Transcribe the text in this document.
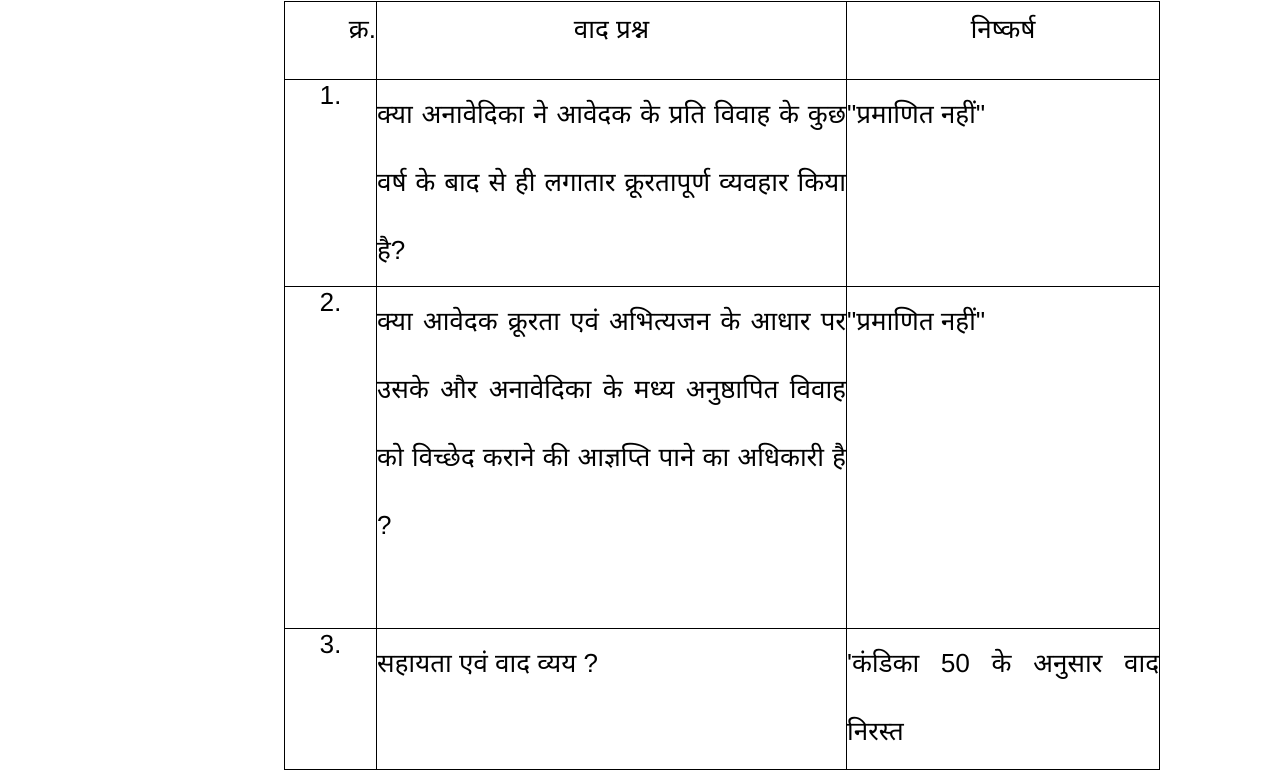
क्र.	वाद प्रश्न	निष्कर्ष
1.	क्या अनावेदिका ने आवेदक के प्रति विवाह के कुछ वर्ष के बाद से ही लगातार क्रूरतापूर्ण व्यवहार किया है?	"प्रमाणित नहीं"
2.	क्या आवेदक क्रूरता एवं अभित्यजन के आधार पर उसके और अनावेदिका के मध्य अनुष्ठापित विवाह को विच्छेद कराने की आज्ञप्ति पाने का अधिकारी है ?	"प्रमाणित नहीं"
3.	सहायता एवं वाद व्यय ?	'कंडिका 50 के अनुसार वाद निरस्त
